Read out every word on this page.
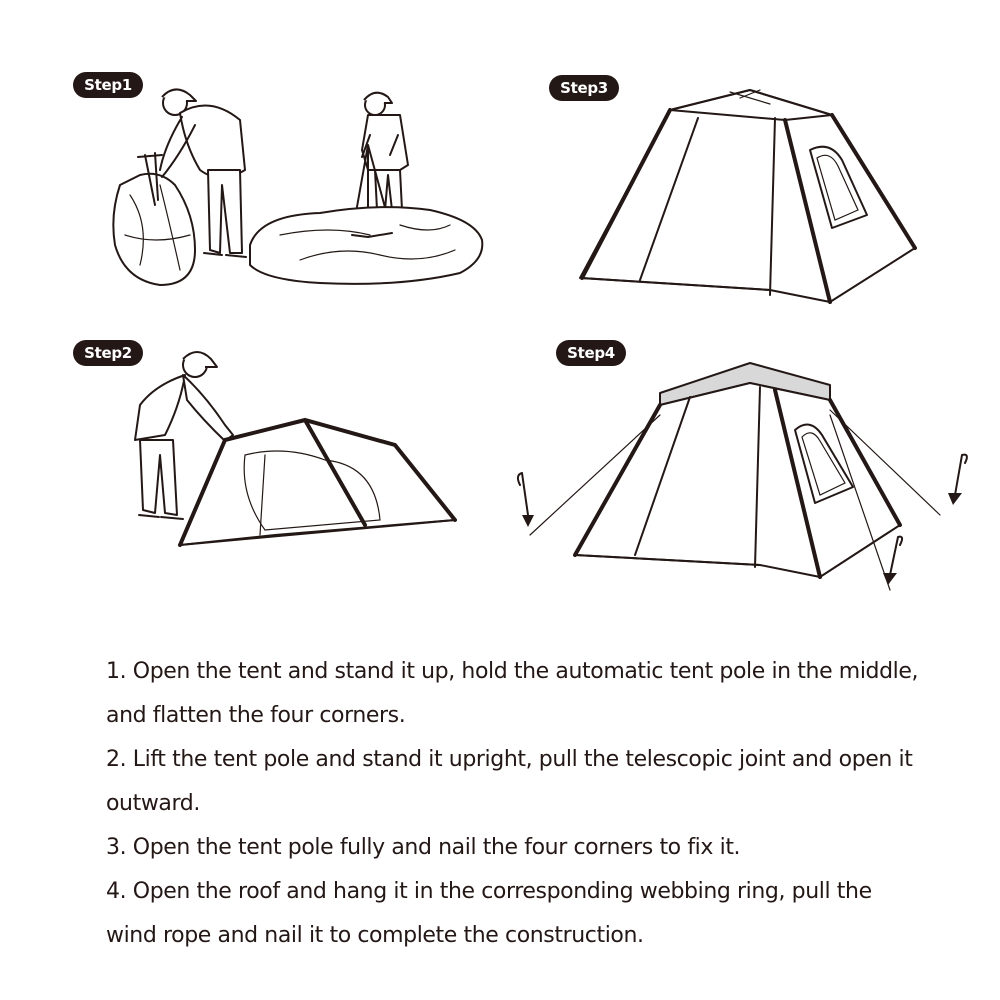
Step1	Step3
Step2	Step4

1. Open the tent and stand it up, hold the automatic tent pole in the middle, and flatten the four corners.

2. Lift the tent pole and stand it upright, pull the telescopic joint and open it outward.

3. Open the tent pole fully and nail the four corners to fix it.

4. Open the roof and hang it in the corresponding webbing ring, pull the wind rope and nail it to complete the construction.
